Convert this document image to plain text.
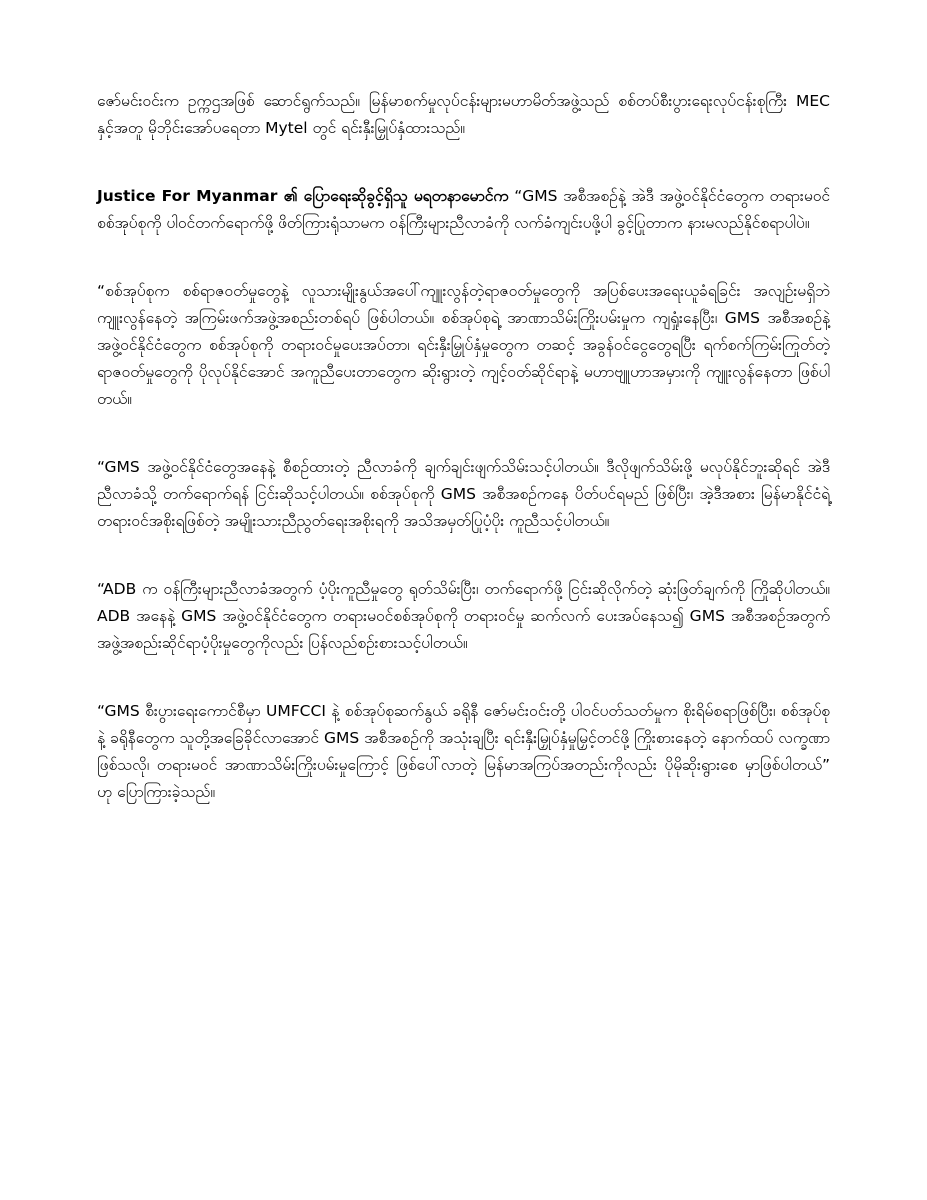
ဇော်မင်းဝင်းက ဥက္ကဌအဖြစ် ဆောင်ရွက်သည်။ မြန်မာစက်မှုလုပ်ငန်းများမဟာမိတ်အဖွဲ့သည် စစ်တပ်စီးပွားရေးလုပ်ငန်းစုကြီး MEC နှင့်အတူ မိုဘိုင်းအော်ပရေတာ Mytel တွင် ရင်းနှီးမြှုပ်နှံထားသည်။

Justice For Myanmar ၏ ပြောရေးဆိုခွင့်ရှိသူ မရတနာမောင်က “GMS အစီအစဉ်နဲ့ အဲဒီ အဖွဲ့ဝင်နိုင်ငံတွေက တရားမဝင်စစ်အုပ်စုကို ပါဝင်တက်ရောက်ဖို့ ဖိတ်ကြားရုံသာမက ဝန်ကြီးများညီလာခံကို လက်ခံကျင်းပဖို့ပါ ခွင့်ပြုတာက နားမလည်နိုင်စရာပါပဲ။

“စစ်အုပ်စုက စစ်ရာဇဝတ်မှုတွေနဲ့ လူသားမျိုးနွယ်အပေါ်ကျူးလွန်တဲ့ရာဇဝတ်မှုတွေကို အပြစ်ပေးအရေးယူခံရခြင်း အလျဉ်းမရှိဘဲ ကျူးလွန်နေတဲ့ အကြမ်းဖက်အဖွဲ့အစည်းတစ်ရပ် ဖြစ်ပါတယ်။ စစ်အုပ်စုရဲ့ အာဏာသိမ်းကြိုးပမ်းမှုက ကျရှုံးနေပြီး၊ GMS အစီအစဉ်နဲ့ အဖွဲ့ဝင်နိုင်ငံတွေက စစ်အုပ်စုကို တရားဝင်မှုပေးအပ်တာ၊ ရင်းနှီးမြှုပ်နှံမှုတွေက တဆင့် အခွန်ဝင်ငွေတွေရပြီး ရက်စက်ကြမ်းကြုတ်တဲ့ရာဇဝတ်မှုတွေကို ပိုလုပ်နိုင်အောင် အကူညီပေးတာတွေက ဆိုးရွားတဲ့ ကျင့်ဝတ်ဆိုင်ရာနဲ့ မဟာဗျူဟာအမှားကို ကျူးလွန်နေတာ ဖြစ်ပါတယ်။

“GMS အဖွဲ့ဝင်နိုင်ငံတွေအနေနဲ့ စီစဉ်ထားတဲ့ ညီလာခံကို ချက်ချင်းဖျက်သိမ်းသင့်ပါတယ်။ ဒီလိုဖျက်သိမ်းဖို့ မလုပ်နိုင်ဘူးဆိုရင် အဲဒီညီလာခံသို့ တက်ရောက်ရန် ငြင်းဆိုသင့်ပါတယ်။ စစ်အုပ်စုကို GMS အစီအစဉ်ကနေ ပိတ်ပင်ရမည် ဖြစ်ပြီး၊ အဲ့ဒီအစား မြန်မာနိုင်ငံရဲ့ တရားဝင်အစိုးရဖြစ်တဲ့ အမျိုးသားညီညွတ်ရေးအစိုးရကို အသိအမှတ်ပြုပံ့ပိုး ကူညီသင့်ပါတယ်။

“ADB က ဝန်ကြီးများညီလာခံအတွက် ပံ့ပိုးကူညီမှုတွေ ရုတ်သိမ်းပြီး၊ တက်ရောက်ဖို့ ငြင်းဆိုလိုက်တဲ့ ဆုံးဖြတ်ချက်ကို ကြိုဆိုပါတယ်။ ADB အနေနဲ့ GMS အဖွဲ့ဝင်နိုင်ငံတွေက တရားမဝင်စစ်အုပ်စုကို တရားဝင်မှု ဆက်လက် ပေးအပ်နေသ၍ GMS အစီအစဉ်အတွက် အဖွဲ့အစည်းဆိုင်ရာပံ့ပိုးမှုတွေကိုလည်း ပြန်လည်စဉ်းစားသင့်ပါတယ်။

“GMS စီးပွားရေးကောင်စီမှာ UMFCCI နဲ့ စစ်အုပ်စုဆက်နွယ် ခရိုနီ ဇော်မင်းဝင်းတို့ ပါဝင်ပတ်သတ်မှုက စိုးရိမ်စရာဖြစ်ပြီး၊ စစ်အုပ်စုနဲ့ ခရိုနီတွေက သူတို့အခြေခိုင်လာအောင် GMS အစီအစဉ်ကို အသုံးချပြီး ရင်းနှီးမြှုပ်နှံမှုမြှင့်တင်ဖို့ ကြိုးစားနေတဲ့ နောက်ထပ် လက္ခဏာဖြစ်သလို၊ တရားမဝင် အာဏာသိမ်းကြိုးပမ်းမှုကြောင့် ဖြစ်ပေါ်လာတဲ့ မြန်မာအကြပ်အတည်းကိုလည်း ပိုမိုဆိုးရွားစေ မှာဖြစ်ပါတယ်” ဟု ပြောကြားခဲ့သည်။
